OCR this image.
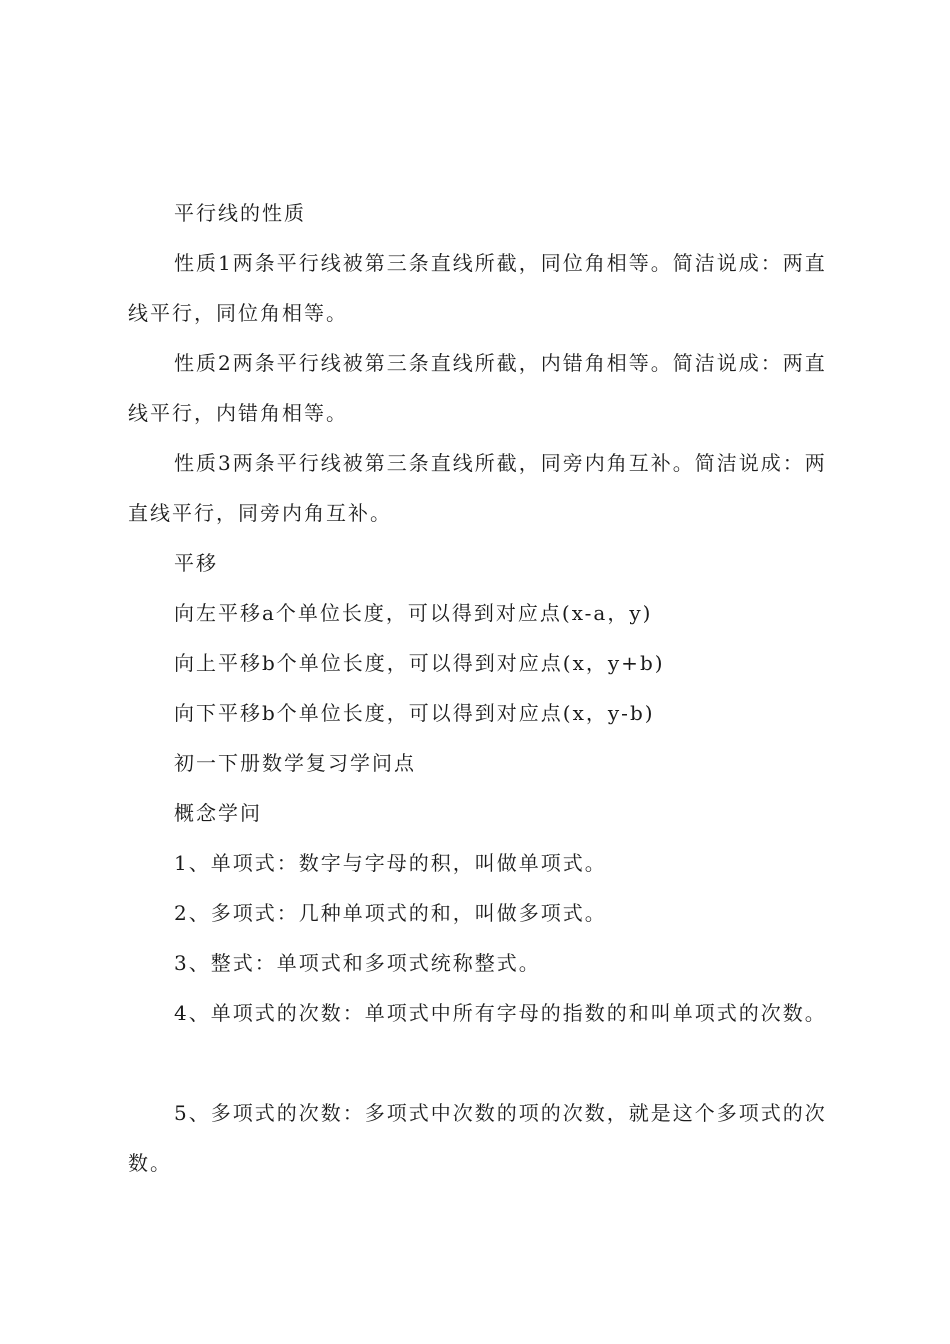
平行线的性质

性质1两条平行线被第三条直线所截，同位角相等。简洁说成：两直线平行，同位角相等。

性质2两条平行线被第三条直线所截，内错角相等。简洁说成：两直线平行，内错角相等。

性质3两条平行线被第三条直线所截，同旁内角互补。简洁说成：两直线平行，同旁内角互补。

平移

向左平移a个单位长度，可以得到对应点(x-a，y)

向上平移b个单位长度，可以得到对应点(x，y+b)

向下平移b个单位长度，可以得到对应点(x，y-b)

初一下册数学复习学问点

概念学问

1、单项式：数字与字母的积，叫做单项式。

2、多项式：几种单项式的和，叫做多项式。

3、整式：单项式和多项式统称整式。

4、单项式的次数：单项式中所有字母的指数的和叫单项式的次数。

5、多项式的次数：多项式中次数的项的次数，就是这个多项式的次数。
